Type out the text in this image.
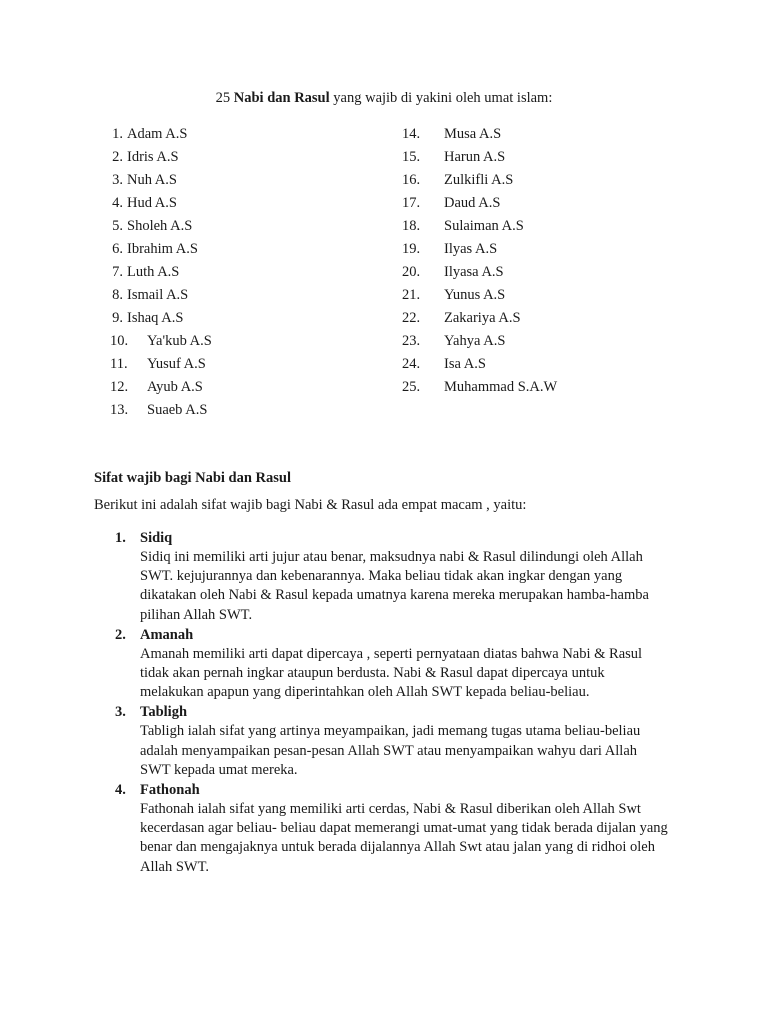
25 Nabi dan Rasul yang wajib di yakini oleh umat islam:
1. Adam A.S
2. Idris A.S
3. Nuh A.S
4. Hud A.S
5. Sholeh A.S
6. Ibrahim A.S
7. Luth A.S
8. Ismail A.S
9. Ishaq A.S
10.	Ya'kub A.S
11.	Yusuf A.S
12.	Ayub A.S
13.	Suaeb A.S
14. Musa A.S
15. Harun A.S
16. Zulkifli A.S
17. Daud A.S
18. Sulaiman A.S
19. Ilyas A.S
20. Ilyasa A.S
21. Yunus A.S
22. Zakariya A.S
23. Yahya A.S
24. Isa A.S
25. Muhammad S.A.W
Sifat wajib bagi Nabi dan Rasul
Berikut ini adalah sifat wajib bagi Nabi & Rasul ada empat macam , yaitu:
1. Sidiq
Sidiq ini memiliki arti jujur atau benar, maksudnya nabi & Rasul dilindungi oleh Allah SWT. kejujurannya dan kebenarannya. Maka beliau tidak akan ingkar dengan yang dikatakan oleh Nabi & Rasul kepada umatnya karena mereka merupakan hamba-hamba pilihan Allah SWT.
2. Amanah
Amanah memiliki arti dapat dipercaya , seperti pernyataan diatas bahwa Nabi & Rasul tidak akan pernah ingkar ataupun berdusta. Nabi & Rasul dapat dipercaya untuk melakukan apapun yang diperintahkan oleh Allah SWT kepada beliau-beliau.
3. Tabligh
Tabligh ialah sifat yang artinya meyampaikan, jadi memang tugas utama beliau-beliau adalah menyampaikan pesan-pesan Allah SWT atau menyampaikan wahyu dari Allah SWT kepada umat mereka.
4. Fathonah
Fathonah ialah sifat yang memiliki arti cerdas, Nabi & Rasul diberikan oleh Allah Swt kecerdasan agar beliau- beliau dapat memerangi umat-umat yang tidak berada dijalan yang benar dan mengajaknya untuk berada dijalannya Allah Swt atau jalan yang di ridhoi oleh Allah SWT.
